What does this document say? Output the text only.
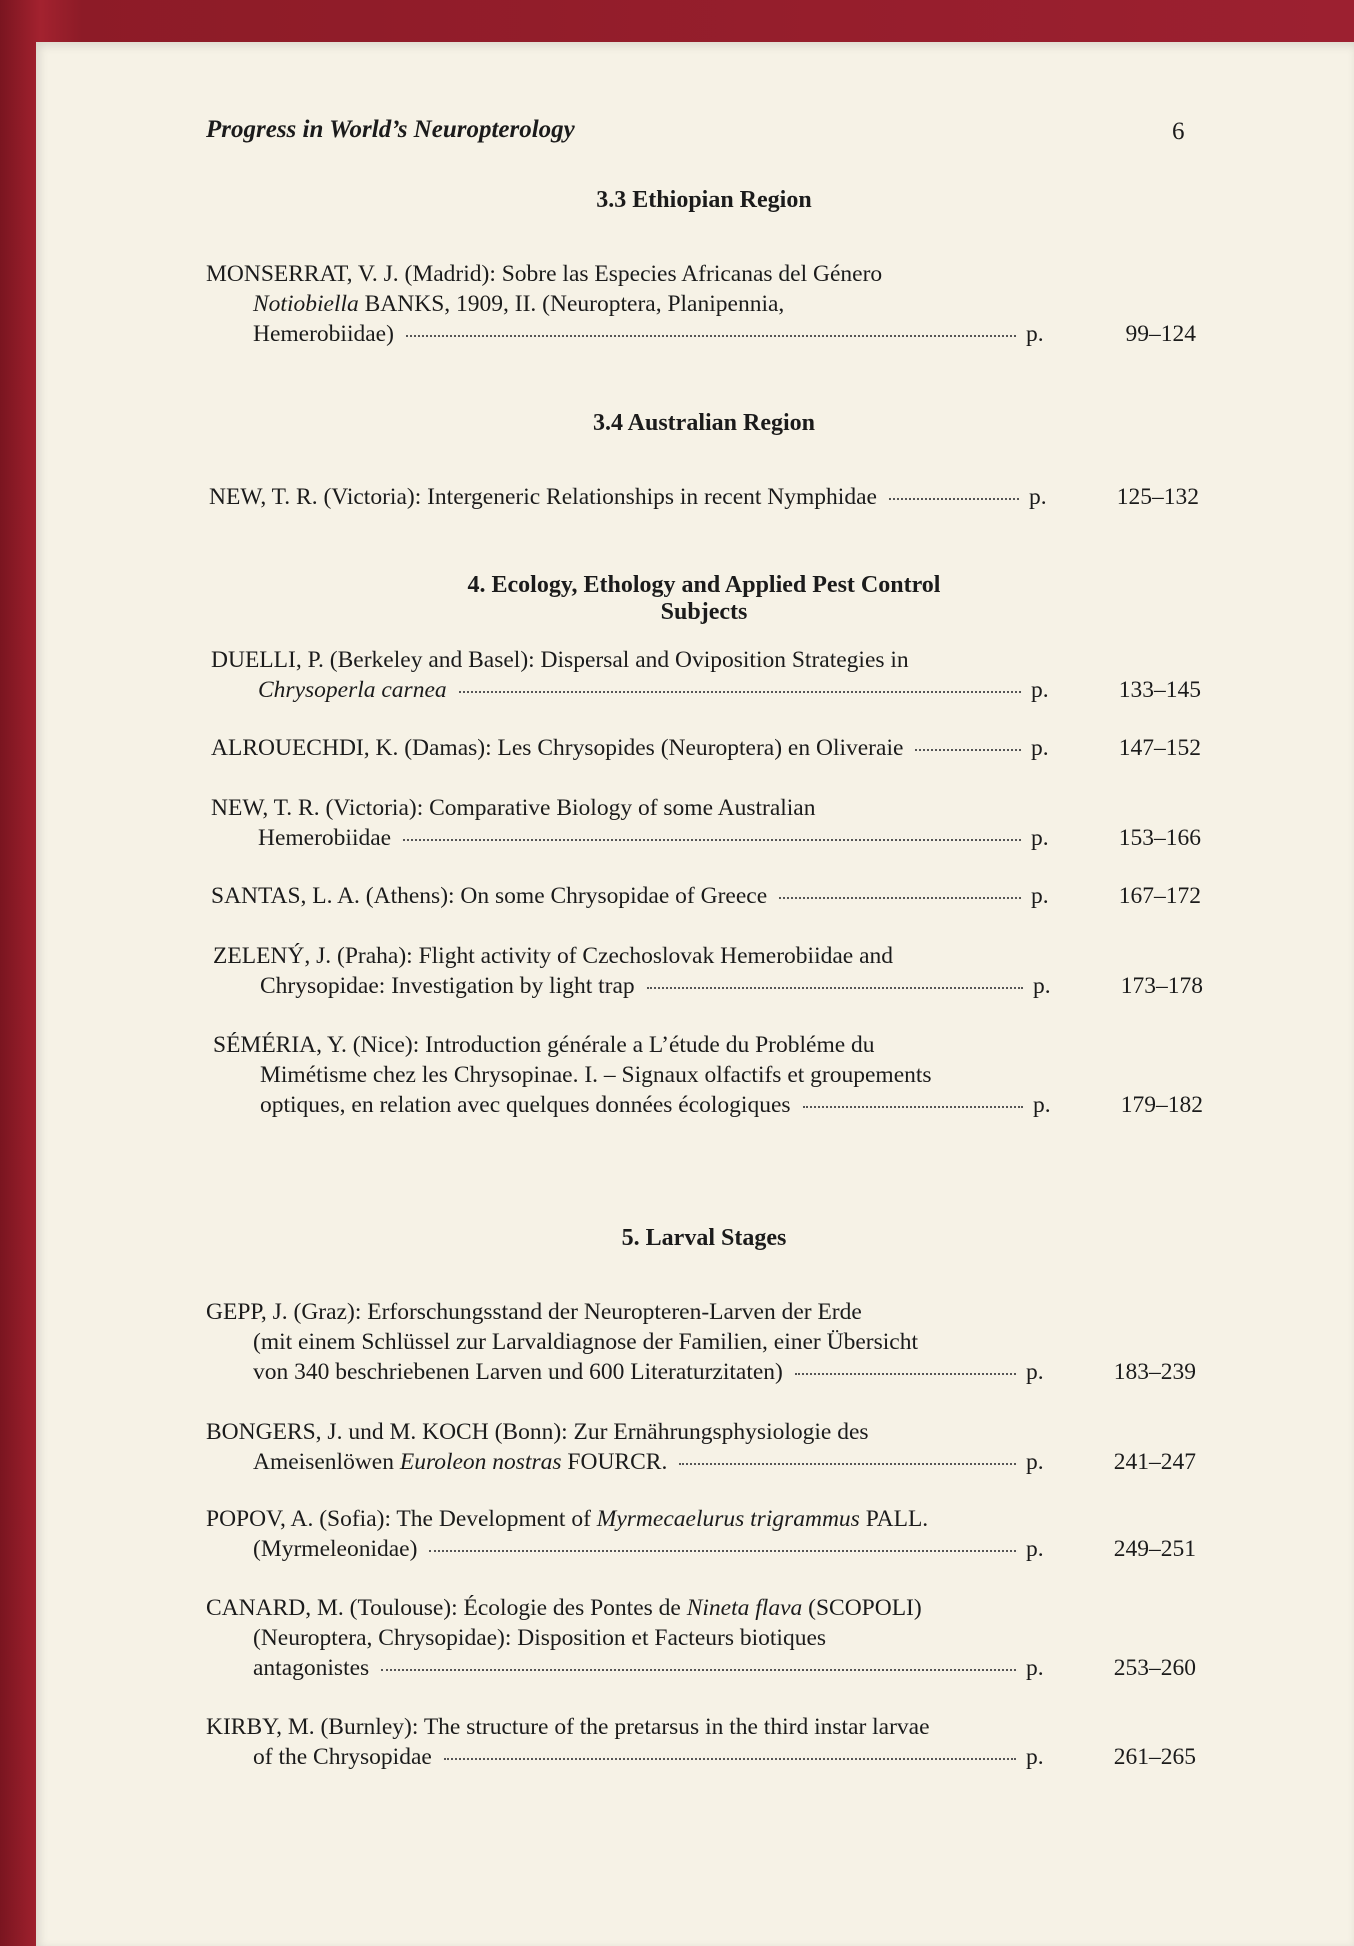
Progress in World’s Neuropterology	6
3.3 Ethiopian Region
MONSERRAT, V. J. (Madrid): Sobre las Especies Africanas del Género
Notiobiella BANKS, 1909, II. (Neuroptera, Planipennia,
Hemerobiidae)	p.	99–124
3.4 Australian Region
NEW, T. R. (Victoria): Intergeneric Relationships in recent Nymphidae	p.	125–132
4. Ecology, Ethology and Applied Pest Control Subjects
DUELLI, P. (Berkeley and Basel): Dispersal and Oviposition Strategies in
Chrysoperla carnea	p.	133–145
ALROUECHDI, K. (Damas): Les Chrysopides (Neuroptera) en Oliveraie	p.	147–152
NEW, T. R. (Victoria): Comparative Biology of some Australian
Hemerobiidae	p.	153–166
SANTAS, L. A. (Athens): On some Chrysopidae of Greece	p.	167–172
ZELENÝ, J. (Praha): Flight activity of Czechoslovak Hemerobiidae and
Chrysopidae: Investigation by light trap	p.	173–178
SÉMÉRIA, Y. (Nice): Introduction générale a L’étude du Probléme du
Mimétisme chez les Chrysopinae. I. – Signaux olfactifs et groupements
optiques, en relation avec quelques données écologiques	p.	179–182
5. Larval Stages
GEPP, J. (Graz): Erforschungsstand der Neuropteren-Larven der Erde
(mit einem Schlüssel zur Larvaldiagnose der Familien, einer Übersicht
von 340 beschriebenen Larven und 600 Literaturzitaten)	p.	183–239
BONGERS, J. und M. KOCH (Bonn): Zur Ernährungsphysiologie des
Ameisenlöwen Euroleon nostras FOURCR.	p.	241–247
POPOV, A. (Sofia): The Development of Myrmecaelurus trigrammus PALL.
(Myrmeleonidae)	p.	249–251
CANARD, M. (Toulouse): Écologie des Pontes de Nineta flava (SCOPOLI)
(Neuroptera, Chrysopidae): Disposition et Facteurs biotiques
antagonistes	p.	253–260
KIRBY, M. (Burnley): The structure of the pretarsus in the third instar larvae
of the Chrysopidae	p.	261–265
